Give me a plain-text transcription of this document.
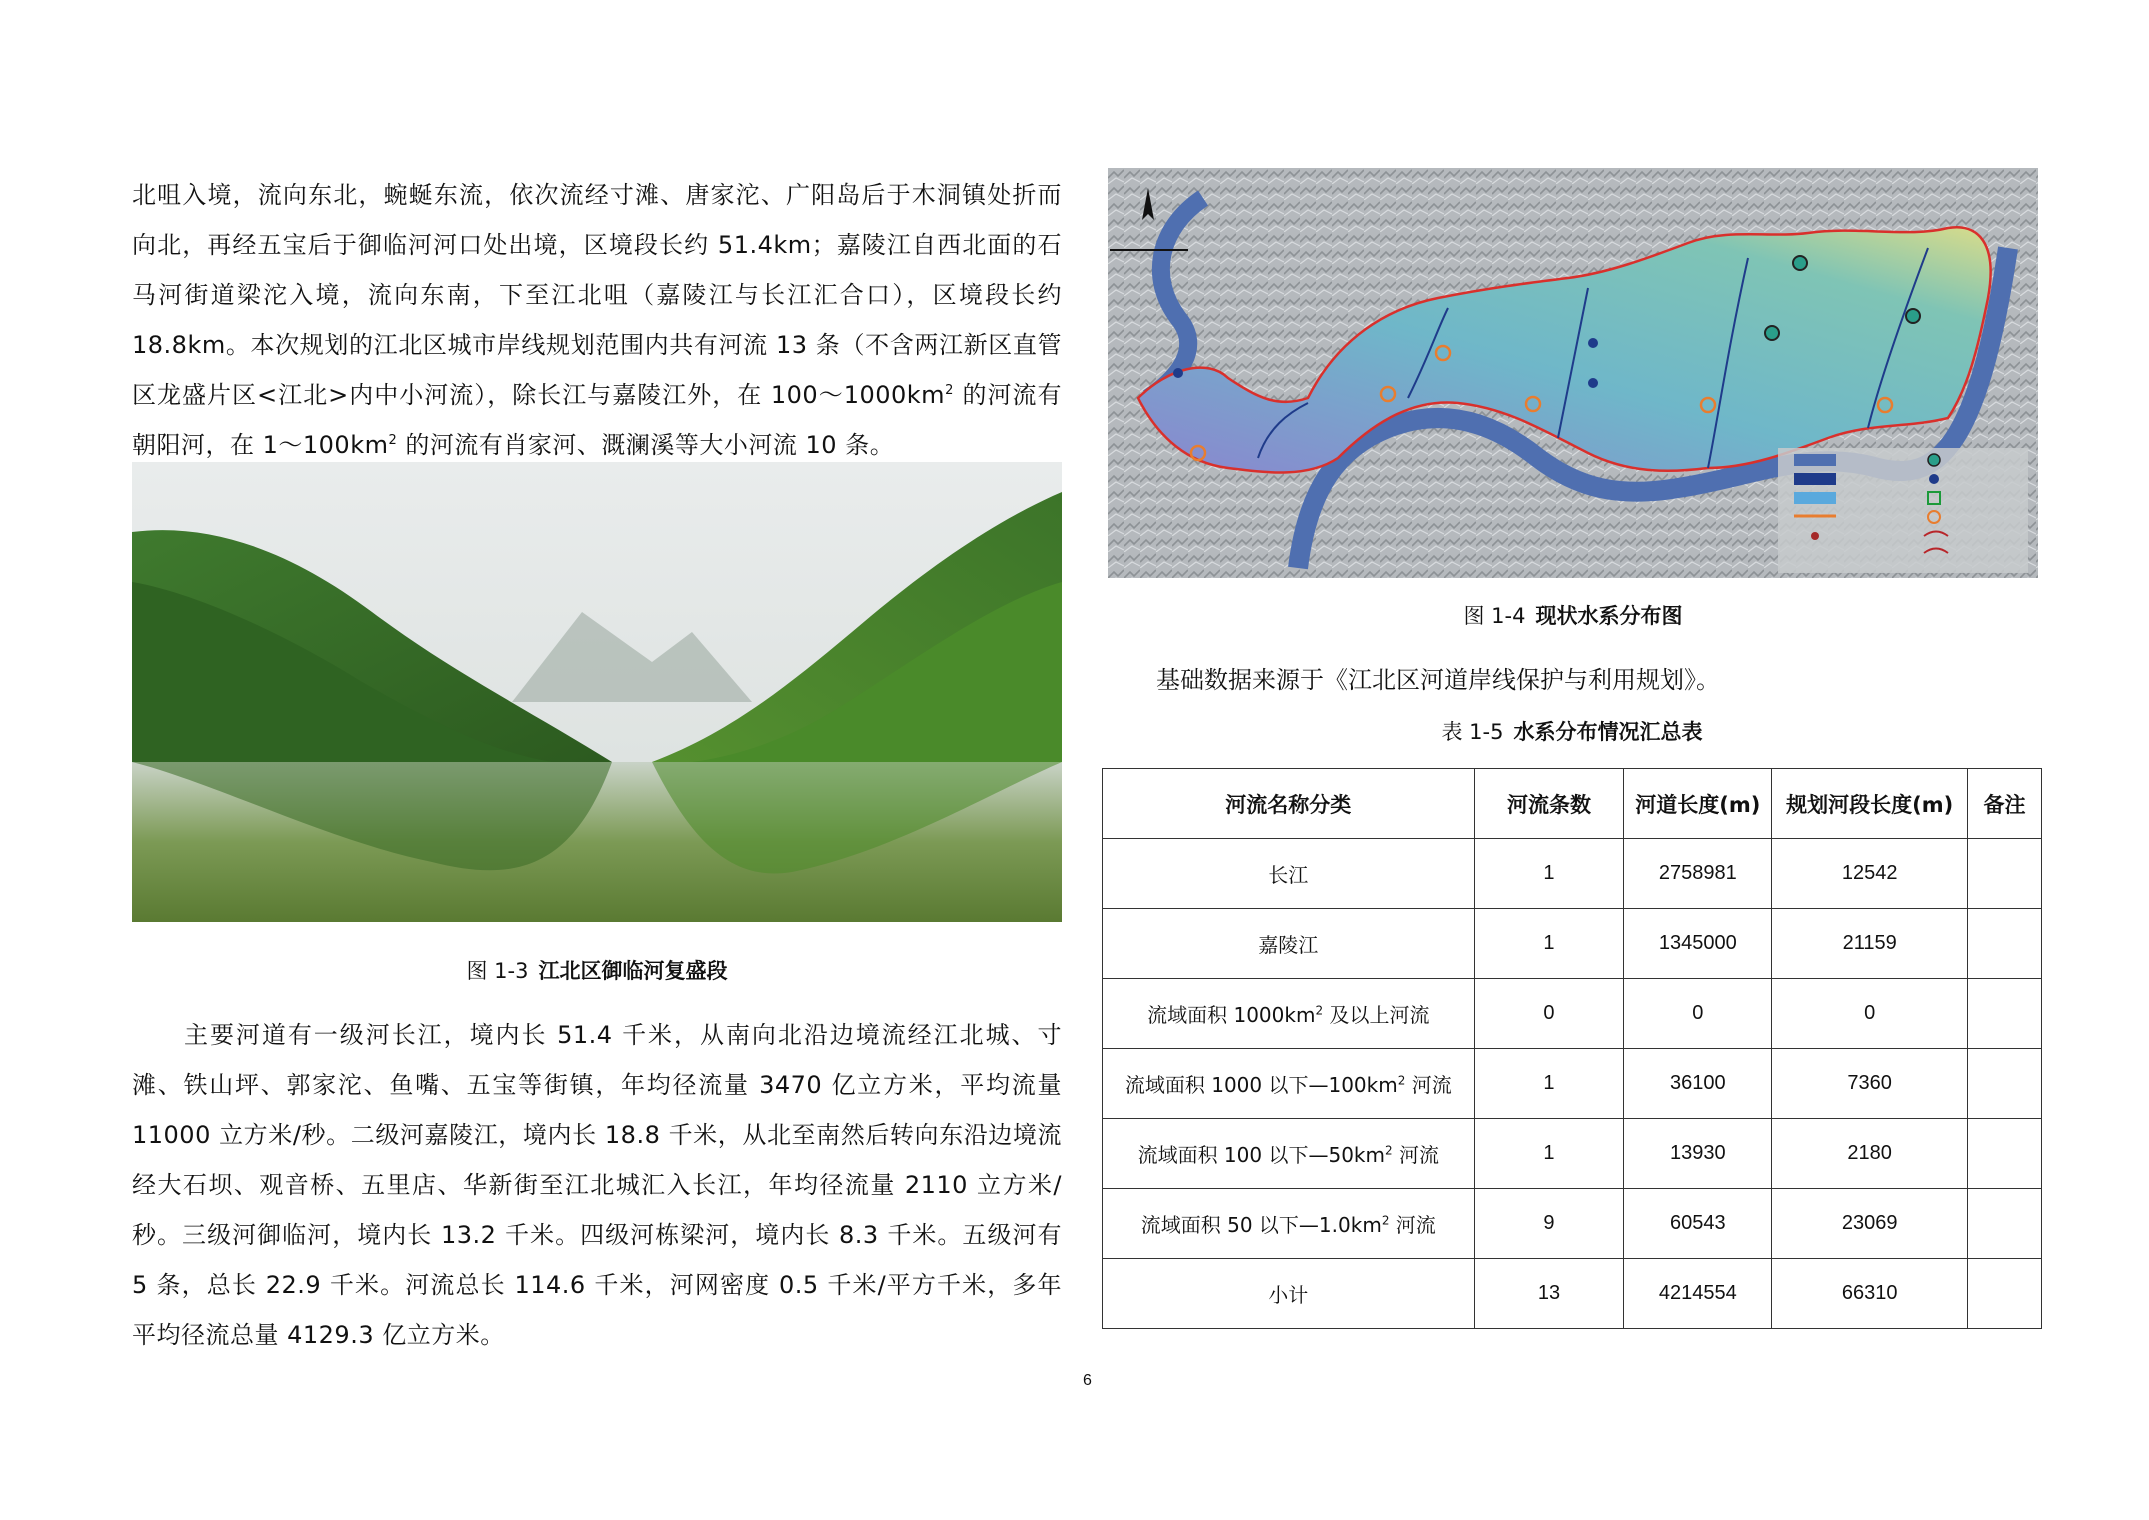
北咀入境，流向东北，蜿蜒东流，依次流经寸滩、唐家沱、广阳岛后于木洞镇处折而向北，再经五宝后于御临河河口处出境，区境段长约 51.4km；嘉陵江自西北面的石马河街道梁沱入境，流向东南，下至江北咀（嘉陵江与长江汇合口），区境段长约 18.8km。本次规划的江北区城市岸线规划范围内共有河流 13 条（不含两江新区直管区龙盛片区<江北>内中小河流），除长江与嘉陵江外，在 $100\sim 1000km^2$ 的河流有朝阳河，在 $1\sim 100km^2$ 的河流有肖家河、溉澜溪等大小河流 10 条。

图 1-3 江北区御临河复盛段

主要河道有一级河长江，境内长 51.4 千米，从南向北沿边境流经江北城、寸滩、铁山坪、郭家沱、鱼嘴、五宝等街镇，年均径流量 3470 亿立方米，平均流量 11000 立方米/秒。二级河嘉陵江，境内长 18.8 千米，从北至南然后转向东沿边境流经大石坝、观音桥、五里店、华新街至江北城汇入长江，年均径流量 2110 立方米/秒。三级河御临河，境内长 13.2 千米。四级河栋梁河，境内长 8.3 千米。五级河有 5 条，总长 22.9 千米。河流总长 114.6 千米，河网密度 0.5 千米/平方千米，多年平均径流总量 4129.3 亿立方米。

图 1-4 现状水系分布图

基础数据来源于《江北区河道岸线保护与利用规划》。

表 1-5 水系分布情况汇总表
河流名称分类	河流条数	河道长度(m)	规划河段长度(m)	备注
长江	1	2758981	12542	
嘉陵江	1	1345000	21159	
流域面积 $1000km^2$ 及以上河流	0	0	0	
流域面积 1000 以下$—100km^2$ 河流	1	36100	7360	
流域面积 100 以下$—50km^2$ 河流	1	13930	2180	
流域面积 50 以下$—1.0km^2$ 河流	9	60543	23069	
小计	13	4214554	66310	
6
